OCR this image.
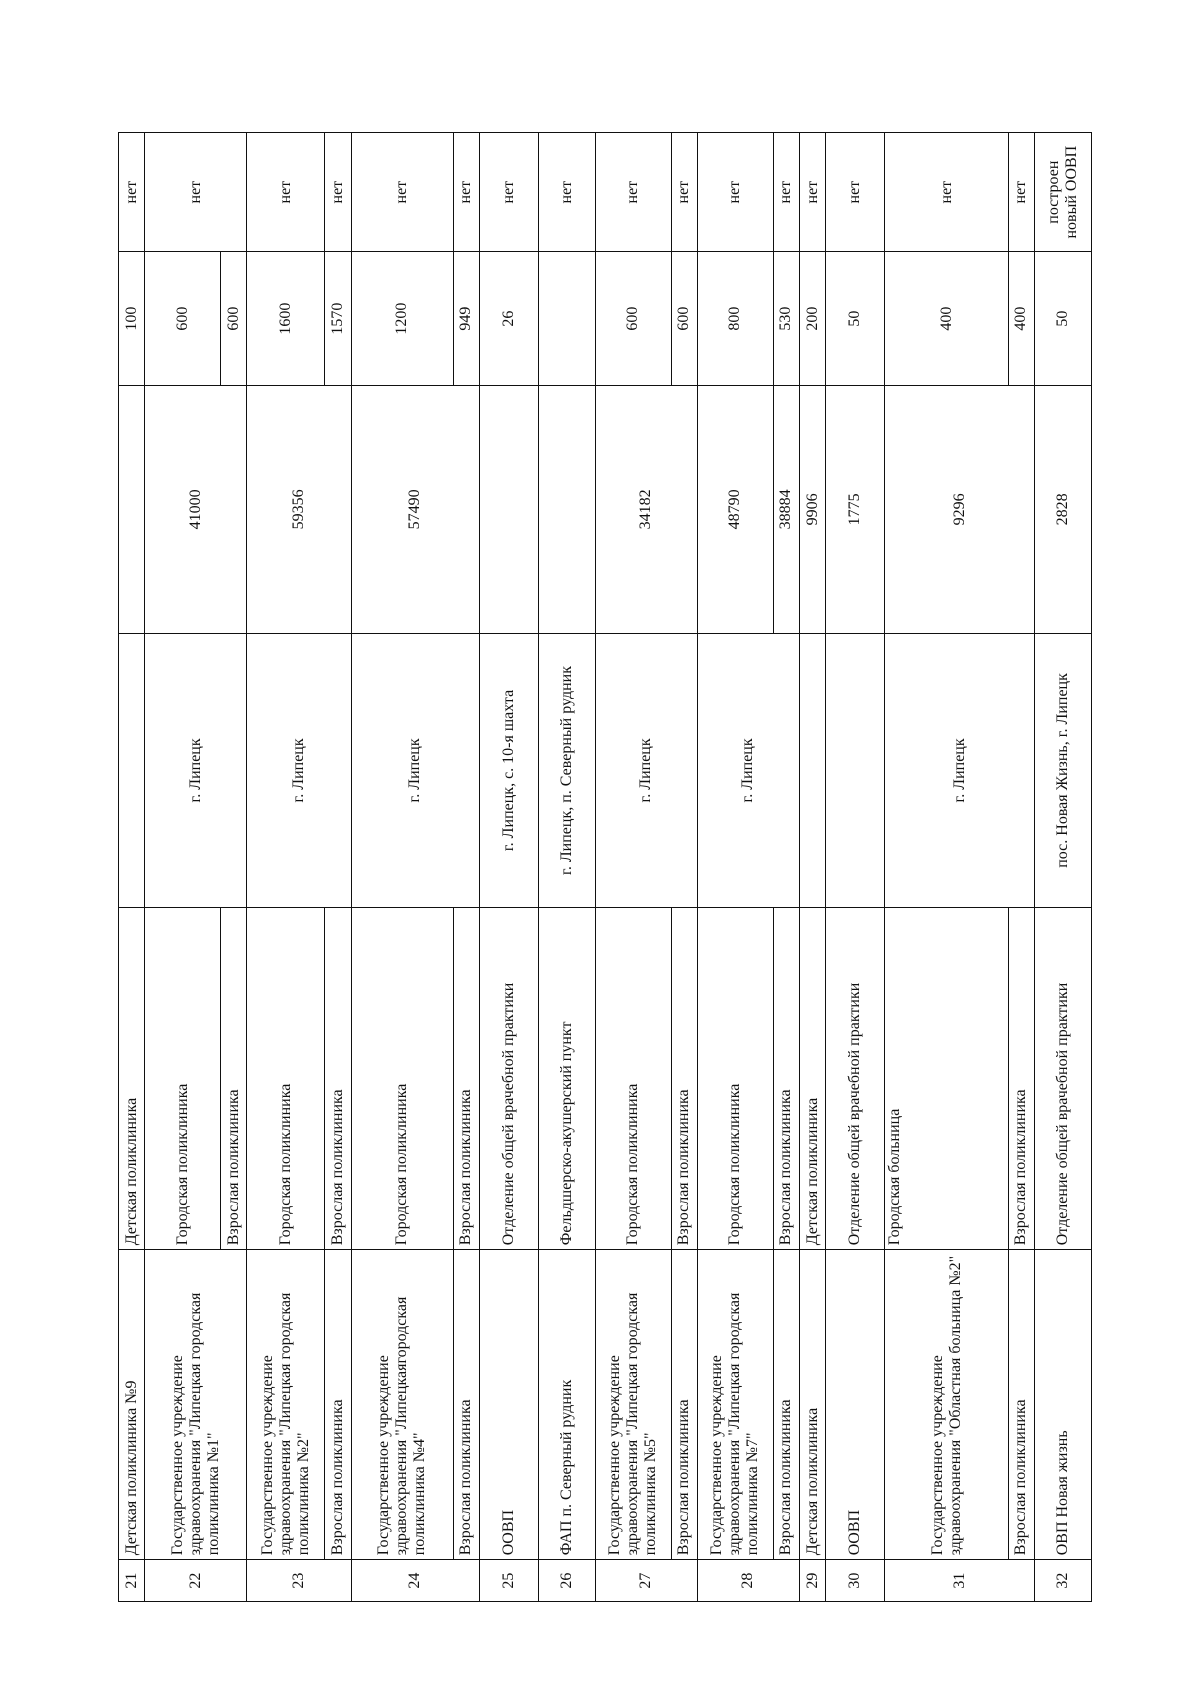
21	Детская поликлиника №9	Детская поликлиника			100	нет
22	Государственное учреждение здравоохранения "Липецкая городская поликлиника №1"	Городская поликлиника	г. Липецк	41000	600	нет
		Взрослая поликлиника			600	
23	Государственное учреждение здравоохранения "Липецкая городская поликлиника №2"	Городская поликлиника	г. Липецк	59356	1600	нет
	Взрослая поликлиника	Взрослая поликлиника			1570	нет
24	Государственное учреждение здравоохранения "Липецкаягородская поликлиника №4"	Городская поликлиника	г. Липецк	57490	1200	нет
	Взрослая поликлиника	Взрослая поликлиника			949	нет
25	ООВП	Отделение общей врачебной практики	г. Липецк, с. 10-я шахта		26	нет
26	ФАП п. Северный рудник	Фельдшерско-акушерский пункт	г. Липецк, п. Северный рудник			нет
27	Государственное учреждение здравоохранения "Липецкая городская поликлиника №5"	Городская поликлиника	г. Липецк	34182	600	нет
	Взрослая поликлиника	Взрослая поликлиника			600	нет
28	Государственное учреждение здравоохранения "Липецкая городская поликлиника №7"	Городская поликлиника	г. Липецк	48790	800	нет
	Взрослая поликлиника	Взрослая поликлиника		38884	530	нет
29	Детская поликлиника	Детская поликлиника		9906	200	нет
30	ООВП	Отделение общей врачебной практики		1775	50	нет
31	Государственное учреждение здравоохранения "Областная больница №2"	Городская больница	г. Липецк	9296	400	нет
	Взрослая поликлиника	Взрослая поликлиника			400	нет
32	ОВП Новая жизнь	Отделение общей врачебной практики	пос. Новая Жизнь, г. Липецк	2828	50	построен новый ООВП
